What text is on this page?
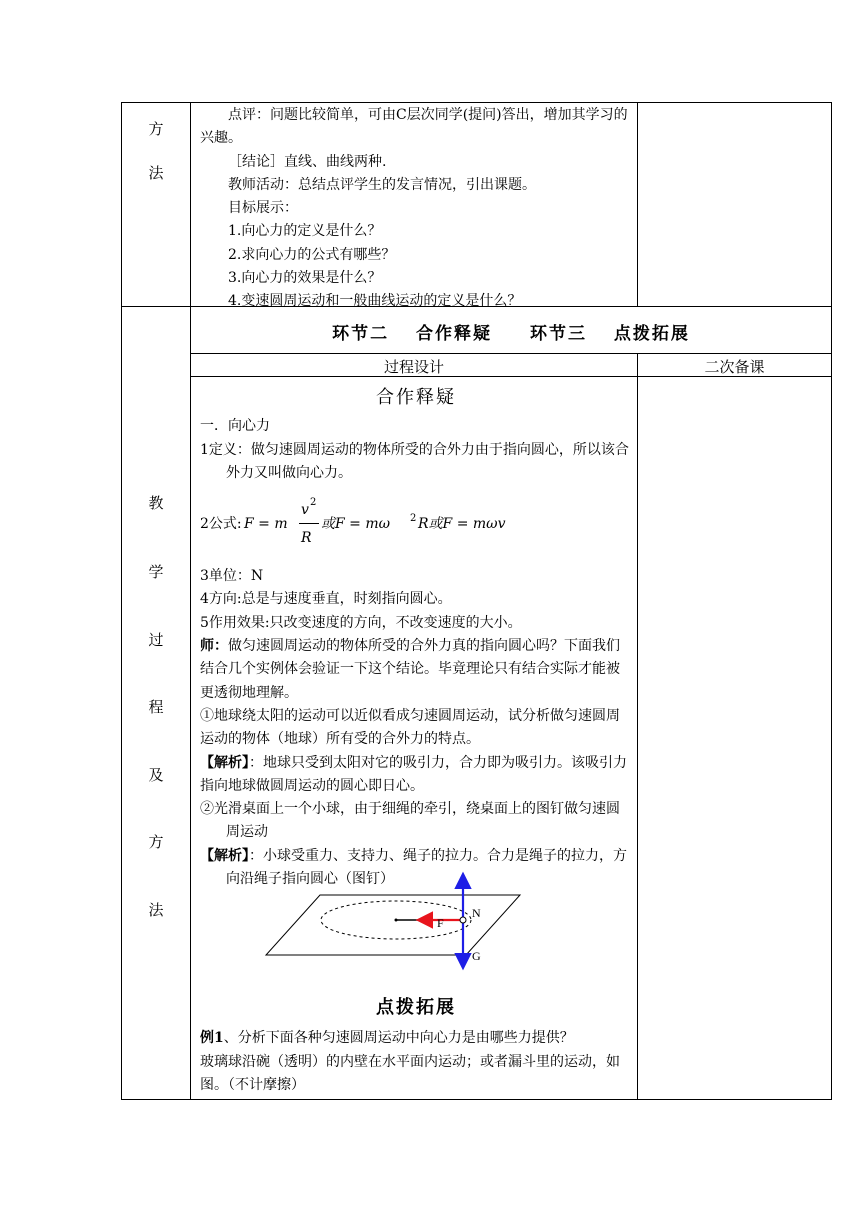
方
法

点评：问题比较简单，可由C层次同学(提问)答出，增加其学习的兴趣。

［结论］直线、曲线两种.

教师活动：总结点评学生的发言情况，引出课题。

目标展示：

1.向心力的定义是什么？

2.求向心力的公式有哪些？

3.向心力的效果是什么？

4.变速圆周运动和一般曲线运动的定义是什么？

教
学
过
程
及
方
法
环节二　 合作释疑　　环节三　 点拨拓展
过程设计	二次备课

合作释疑

一．向心力

1定义：做匀速圆周运动的物体所受的合外力由于指向圆心，所以该合外力又叫做向心力。

2公式: F = m
v 2
R
或F = mω 2 R或F = mωv

3单位：N

4方向:总是与速度垂直，时刻指向圆心。

5作用效果:只改变速度的方向，不改变速度的大小。

师：做匀速圆周运动的物体所受的合外力真的指向圆心吗？下面我们结合几个实例体会验证一下这个结论。毕竟理论只有结合实际才能被更透彻地理解。

①地球绕太阳的运动可以近似看成匀速圆周运动，试分析做匀速圆周运动的物体（地球）所有受的合外力的特点。

【解析】：地球只受到太阳对它的吸引力，合力即为吸引力。该吸引力指向地球做圆周运动的圆心即日心。

②光滑桌面上一个小球，由于细绳的牵引，绕桌面上的图钉做匀速圆周运动

【解析】：小球受重力、支持力、绳子的拉力。合力是绳子的拉力，方向沿绳子指向圆心（图钉）

N
F
G

点拨拓展

例1、分析下面各种匀速圆周运动中向心力是由哪些力提供？

玻璃球沿碗（透明）的内壁在水平面内运动；或者漏斗里的运动，如图。（不计摩擦）
